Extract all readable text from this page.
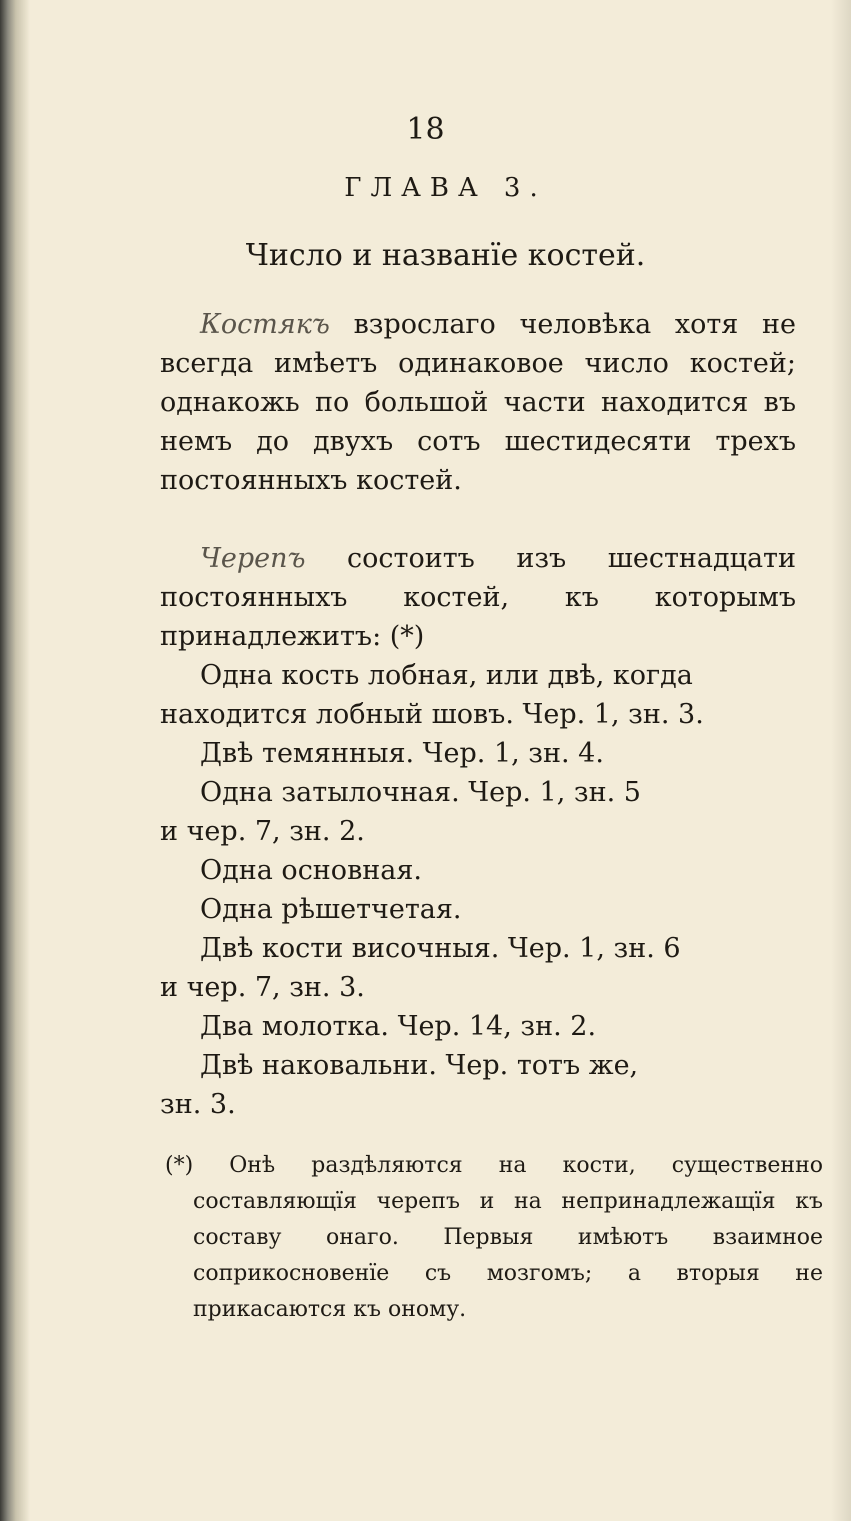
18
ГЛАВА 3.
Число и названїе костей.

Костякъ взрослаго человѣка хотя не всегда имѣетъ одинаковое число костей; однакожь по большой части находится въ немъ до двухъ сотъ шестидесяти трехъ постоянныхъ костей.

Черепъ состоитъ изъ шестнадцати постоянныхъ костей, къ которымъ принадлежитъ: (*)

Одна кость лобная, или двѣ, когда

находится лобный шовъ. Чер. 1, зн. 3.

Двѣ темянныя. Чер. 1, зн. 4.

Одна затылочная. Чер. 1, зн. 5

и чер. 7, зн. 2.

Одна основная.

Одна рѣшетчетая.

Двѣ кости височныя. Чер. 1, зн. 6

и чер. 7, зн. 3.

Два молотка. Чер. 14, зн. 2.

Двѣ наковальни. Чер. тотъ же,

зн. 3.

(*) Онѣ раздѣляются на кости, существенно составляющїя черепъ и на непринадлежащїя къ составу онаго. Первыя имѣютъ взаимное соприкосновенїе съ мозгомъ; а вторыя не прикасаются къ оному.
